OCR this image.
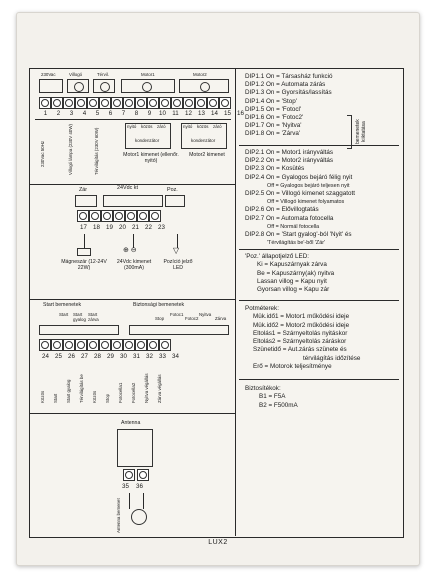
230Vac	Villogó	Térvil.	Motor1	Motor2
1	2	3	4	5	6	7	8	9	10	11	12 13 14 15 16
230Vac 50Hz	Villogó lámpa (230V 40W)	Térvilágítás (230V 60W)
nyitó közös záró
kondenzátor
nyitó közös záró
kondenzátor
Motor1 kimenet (ellenőr. nyitó)
Motor2 kimenet
Zár	24Vdc kt	Poz.
17 18 19 20 21 22 23
⊕ ⊖	▽
Mágneszár (12-24V 22W)
24Vdc kimenet (300mA)
Pozíció jelző LED
Start bemenetek	Biztonsági bemenetek
Start Start gyalog
Start zárva	Stop
Fotoc1
Fotoc2
Nyitva
Zárva
24 25 26 27 28 29 30 31 32 33 34
Közös	Start	Start gyalog	Térvilágítás be	Közös	Stop	Fotocella1	Fotocella2	Nyitva végállás	Zárva végállás
Antenna
35 36
Antenna bemenet
DIP1.1 On = Társasház funkció
DIP1.2 On = Automata zárás
DIP1.3 On = Gyorsítás/lassítás
DIP1.4 On = 'Stop'
DIP1.5 On = 'Fotocl'
DIP1.6 On = 'Fotoc2'
DIP1.7 On = 'Nyitva'
DIP1.8 On = 'Zárva'	bemenetek kiiktatása
DIP2.1 On = Motor1 irányváltás
DIP2.2 On = Motor2 irányváltás
DIP2.3 On = Kosütés
DIP2.4 On = Gyalogos bejáró félig nyit
Off = Gyalogos bejáró teljesen nyit
DIP2.5 On = Villogó kimenet szaggatott
Off = Villogó kimenet folyamatos
DIP2.6 On = Elővillogtatás
DIP2.7 On = Automata fotocella
Off = Normál fotocella
DIP2.8 On = 'Start gyalog'-ból 'Nyit' és
'Térvilágítás be'-ből 'Zár'
'Poz.' állapotjelző LED:
Ki = Kapuszárnyak zárva
Be = Kapuszárny(ak) nyitva
Lassan villog = Kapu nyit
Gyorsan villog = Kapu zár
Potméterek:
Mük.idő1 = Motor1 működési ideje
Mük.idő2 = Motor2 működési ideje
Eltolás1 = Szárnyeltolás nyitáskor
Eltolás2 = Szárnyeltolás záráskor
Szünetidő = Aut.zárás szünete és
térvilágítás időzítése
Erő = Motorok teljesítménye
Biztosítékok:
B1 = F5A
B2 = F500mA
LUX2
